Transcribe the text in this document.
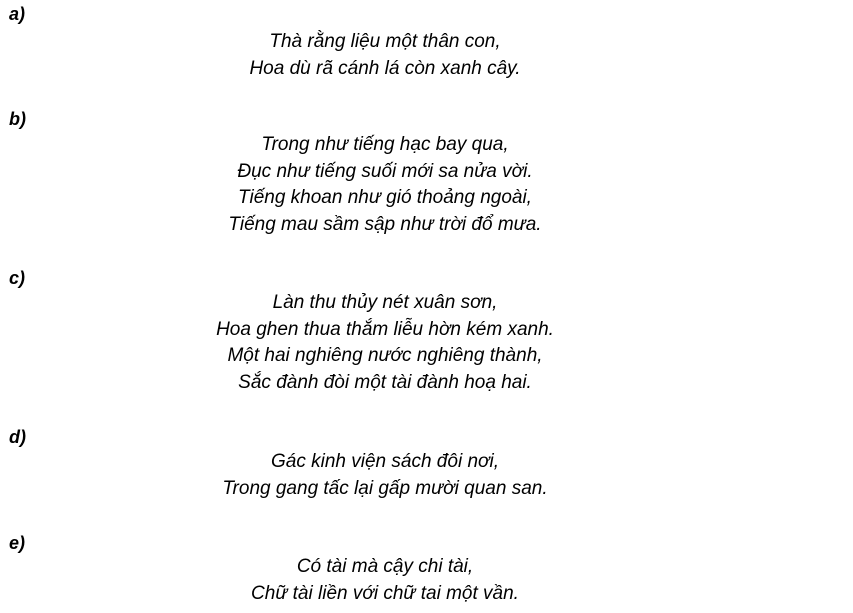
a)
Thà rằng liệu một thân con,
Hoa dù rã cánh lá còn xanh cây.
b)
Trong như tiếng hạc bay qua,
Đục như tiếng suối mới sa nửa vời.
Tiếng khoan như gió thoảng ngoài,
Tiếng mau sầm sập như trời đổ mưa.
c)
Làn thu thủy nét xuân sơn,
Hoa ghen thua thắm liễu hờn kém xanh.
Một hai nghiêng nước nghiêng thành,
Sắc đành đòi một tài đành hoạ hai.
d)
Gác kinh viện sách đôi nơi,
Trong gang tấc lại gấp mười quan san.
e)
Có tài mà cậy chi tài,
Chữ tài liền với chữ tai một vần.
